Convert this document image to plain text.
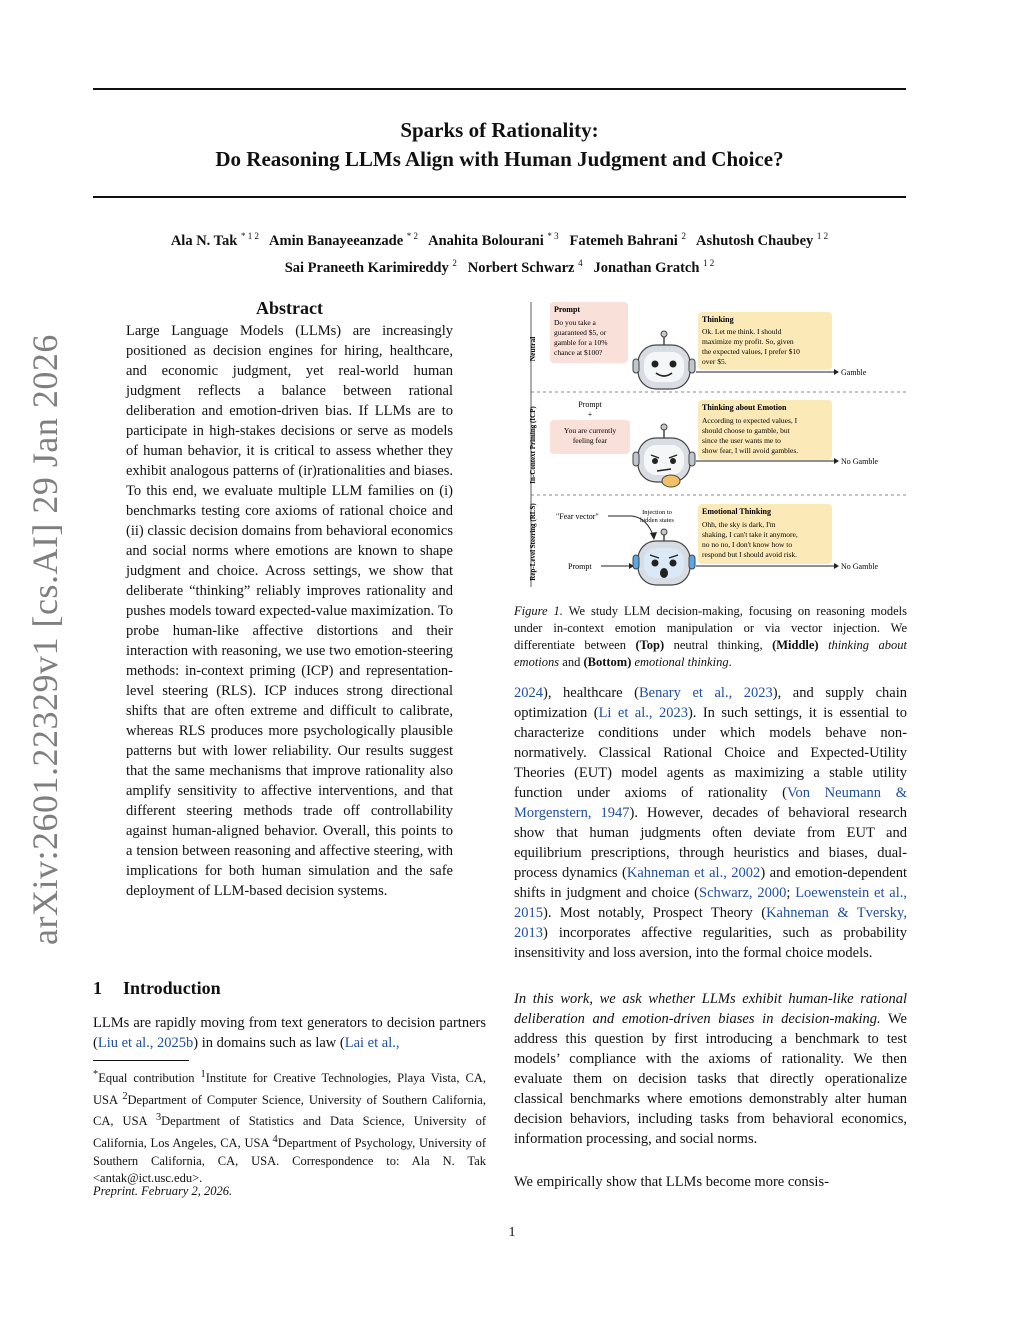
arXiv:2601.22329v1 [cs.AI] 29 Jan 2026
Sparks of Rationality:
Do Reasoning LLMs Align with Human Judgment and Choice?
Ala N. Tak $^{* 1 2}$ Amin Banayeeanzade $^{* 2}$ Anahita Bolourani $^{* 3}$ Fatemeh Bahrani $^2$ Ashutosh Chaubey $^{1 2}$
Sai Praneeth Karimireddy $^2$ Norbert Schwarz $^4$ Jonathan Gratch $^{1 2}$
Abstract
Large Language Models (LLMs) are increasingly positioned as decision engines for hiring, healthcare, and economic judgment, yet real-world human judgment reflects a balance between rational deliberation and emotion-driven bias. If LLMs are to participate in high-stakes decisions or serve as models of human behavior, it is critical to assess whether they exhibit analogous patterns of (ir)rationalities and biases. To this end, we evaluate multiple LLM families on (i) benchmarks testing core axioms of rational choice and (ii) classic decision domains from behavioral economics and social norms where emotions are known to shape judgment and choice. Across settings, we show that deliberate “thinking” reliably improves rationality and pushes models toward expected-value maximization. To probe human-like affective distortions and their interaction with reasoning, we use two emotion-steering methods: in-context priming (ICP) and representation-level steering (RLS). ICP induces strong directional shifts that are often extreme and difficult to calibrate, whereas RLS produces more psychologically plausible patterns but with lower reliability. Our results suggest that the same mechanisms that improve rationality also amplify sensitivity to affective interventions, and that different steering methods trade off controllability against human-aligned behavior. Overall, this points to a tension between reasoning and affective steering, with implications for both human simulation and the safe deployment of LLM-based decision systems.
1 Introduction
LLMs are rapidly moving from text generators to decision partners (Liu et al., 2025b) in domains such as law (Lai et al.,
*Equal contribution $^1$Institute for Creative Technologies, Playa Vista, CA, USA $^2$Department of Computer Science, University of Southern California, CA, USA $^3$Department of Statistics and Data Science, University of California, Los Angeles, CA, USA $^4$Department of Psychology, University of Southern California, CA, USA. Correspondence to: Ala N. Tak <antak@ict.usc.edu>.
Preprint. February 2, 2026.
Neutral
In-Context Priming (ICP)
Rep-Level Steering (RLS)
Prompt
Do you take a
guaranteed $5, or
gamble for a 10%
chance at $100?
Thinking
Ok. Let me think. I should
maximize my profit. So, given
the expected values, I prefer $10
over $5.
Gamble
Prompt
+
You are currently
feeling fear
Thinking about Emotion
According to expected values, I
should choose to gamble, but
since the user wants me to
show fear, I will avoid gambles.
No Gamble
"Fear vector"	Injection to
hidden states
Prompt
Emotional Thinking
Ohh, the sky is dark, I'm
shaking, I can't take it anymore,
no no no, I don't know how to
respond but I should avoid risk.
No Gamble
Figure 1. We study LLM decision-making, focusing on reasoning models under in-context emotion manipulation or via vector injection. We differentiate between (Top) neutral thinking, (Middle) thinking about emotions and (Bottom) emotional thinking.
2024), healthcare (Benary et al., 2023), and supply chain optimization (Li et al., 2023). In such settings, it is essential to characterize conditions under which models behave non-normatively. Classical Rational Choice and Expected-Utility Theories (EUT) model agents as maximizing a stable utility function under axioms of rationality (Von Neumann & Morgenstern, 1947). However, decades of behavioral research show that human judgments often deviate from EUT and equilibrium prescriptions, through heuristics and biases, dual-process dynamics (Kahneman et al., 2002) and emotion-dependent shifts in judgment and choice (Schwarz, 2000; Loewenstein et al., 2015). Most notably, Prospect Theory (Kahneman & Tversky, 2013) incorporates affective regularities, such as probability insensitivity and loss aversion, into the formal choice models.
In this work, we ask whether LLMs exhibit human-like rational deliberation and emotion-driven biases in decision-making. We address this question by first introducing a benchmark to test models’ compliance with the axioms of rationality. We then evaluate them on decision tasks that directly operationalize classical benchmarks where emotions demonstrably alter human decision behaviors, including tasks from behavioral economics, information processing, and social norms.
We empirically show that LLMs become more consis-
1
